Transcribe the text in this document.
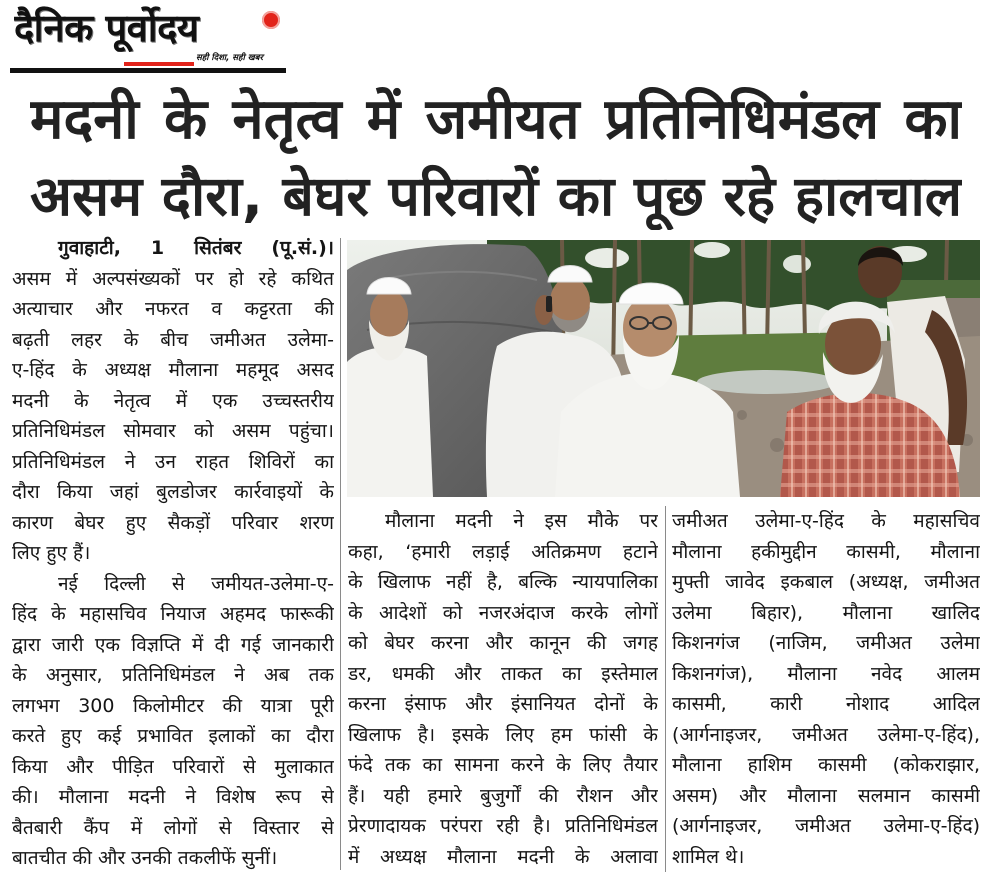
दैनिक पूर्वोदय
सही दिशा, सही खबर
मदनी के नेतृत्व में जमीयत प्रतिनिधिमंडल का
असम दौरा, बेघर परिवारों का पूछ रहे हालचाल
गुवाहाटी, 1 सितंबर (पू.सं.)।
असम में अल्पसंख्यकों पर हो रहे कथित
अत्याचार और नफरत व कट्टरता की
बढ़ती लहर के बीच जमीअत उलेमा-
ए-हिंद के अध्यक्ष मौलाना महमूद असद
मदनी के नेतृत्व में एक उच्चस्तरीय
प्रतिनिधिमंडल सोमवार को असम पहुंचा।
प्रतिनिधिमंडल ने उन राहत शिविरों का
दौरा किया जहां बुलडोजर कार्रवाइयों के
कारण बेघर हुए सैकड़ों परिवार शरण
लिए हुए हैं।
नई दिल्ली से जमीयत-उलेमा-ए-
हिंद के महासचिव नियाज अहमद फारूकी
द्वारा जारी एक विज्ञप्ति में दी गई जानकारी
के अनुसार, प्रतिनिधिमंडल ने अब तक
लगभग 300 किलोमीटर की यात्रा पूरी
करते हुए कई प्रभावित इलाकों का दौरा
किया और पीड़ित परिवारों से मुलाकात
की। मौलाना मदनी ने विशेष रूप से
बैतबारी कैंप में लोगों से विस्तार से
बातचीत की और उनकी तकलीफें सुनीं।
मौलाना मदनी ने इस मौके पर
कहा, ‘हमारी लड़ाई अतिक्रमण हटाने
के खिलाफ नहीं है, बल्कि न्यायपालिका
के आदेशों को नजरअंदाज करके लोगों
को बेघर करना और कानून की जगह
डर, धमकी और ताकत का इस्तेमाल
करना इंसाफ और इंसानियत दोनों के
खिलाफ है। इसके लिए हम फांसी के
फंदे तक का सामना करने के लिए तैयार
हैं। यही हमारे बुजुर्गों की रौशन और
प्रेरणादायक परंपरा रही है। प्रतिनिधिमंडल
में अध्यक्ष मौलाना मदनी के अलावा
जमीअत उलेमा-ए-हिंद के महासचिव
मौलाना हकीमुद्दीन कासमी, मौलाना
मुफ्ती जावेद इकबाल (अध्यक्ष, जमीअत
उलेमा बिहार), मौलाना खालिद
किशनगंज (नाजिम, जमीअत उलेमा
किशनगंज), मौलाना नवेद आलम
कासमी, कारी नोशाद आदिल
(आर्गनाइजर, जमीअत उलेमा-ए-हिंद),
मौलाना हाशिम कासमी (कोकराझार,
असम) और मौलाना सलमान कासमी
(आर्गनाइजर, जमीअत उलेमा-ए-हिंद)
शामिल थे।
